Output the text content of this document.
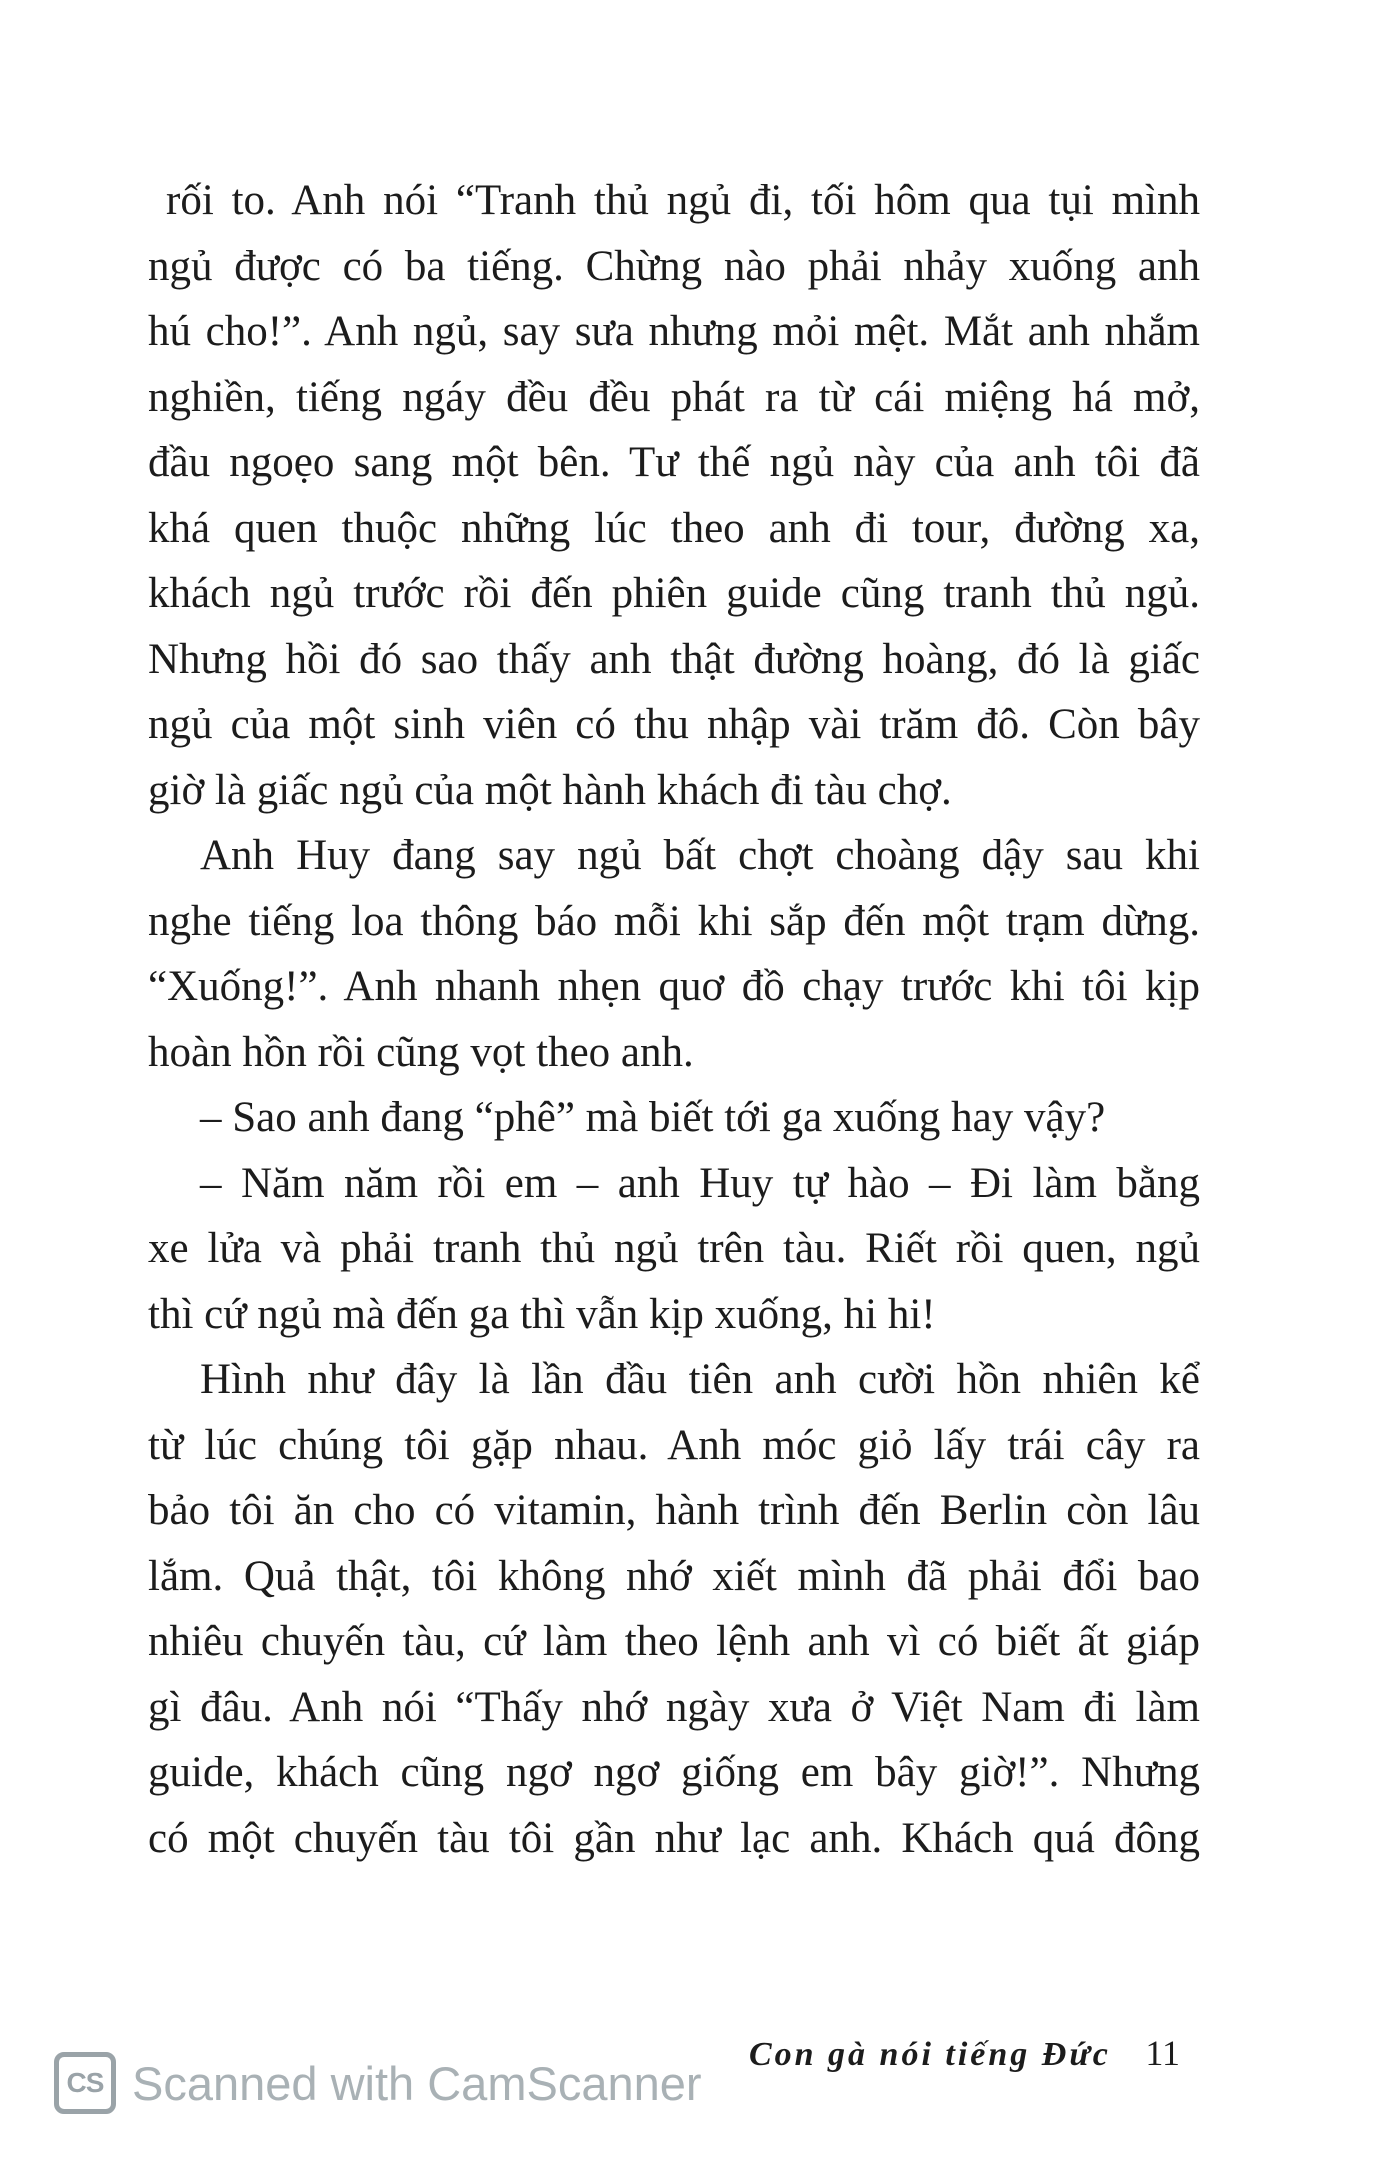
rối to. Anh nói “Tranh thủ ngủ đi, tối hôm qua tụi mình
ngủ được có ba tiếng. Chừng nào phải nhảy xuống anh
hú cho!”. Anh ngủ, say sưa nhưng mỏi mệt. Mắt anh nhắm
nghiền, tiếng ngáy đều đều phát ra từ cái miệng há mở,
đầu ngoẹo sang một bên. Tư thế ngủ này của anh tôi đã
khá quen thuộc những lúc theo anh đi tour, đường xa,
khách ngủ trước rồi đến phiên guide cũng tranh thủ ngủ.
Nhưng hồi đó sao thấy anh thật đường hoàng, đó là giấc
ngủ của một sinh viên có thu nhập vài trăm đô. Còn bây
giờ là giấc ngủ của một hành khách đi tàu chợ.
Anh Huy đang say ngủ bất chợt choàng dậy sau khi
nghe tiếng loa thông báo mỗi khi sắp đến một trạm dừng.
“Xuống!”. Anh nhanh nhẹn quơ đồ chạy trước khi tôi kịp
hoàn hồn rồi cũng vọt theo anh.
– Sao anh đang “phê” mà biết tới ga xuống hay vậy?
– Năm năm rồi em – anh Huy tự hào – Đi làm bằng
xe lửa và phải tranh thủ ngủ trên tàu. Riết rồi quen, ngủ
thì cứ ngủ mà đến ga thì vẫn kịp xuống, hi hi!
Hình như đây là lần đầu tiên anh cười hồn nhiên kể
từ lúc chúng tôi gặp nhau. Anh móc giỏ lấy trái cây ra
bảo tôi ăn cho có vitamin, hành trình đến Berlin còn lâu
lắm. Quả thật, tôi không nhớ xiết mình đã phải đổi bao
nhiêu chuyến tàu, cứ làm theo lệnh anh vì có biết ất giáp
gì đâu. Anh nói “Thấy nhớ ngày xưa ở Việt Nam đi làm
guide, khách cũng ngơ ngơ giống em bây giờ!”. Nhưng
có một chuyến tàu tôi gần như lạc anh. Khách quá đông
Con gà nói tiếng Đức 11
CS Scanned with CamScanner
